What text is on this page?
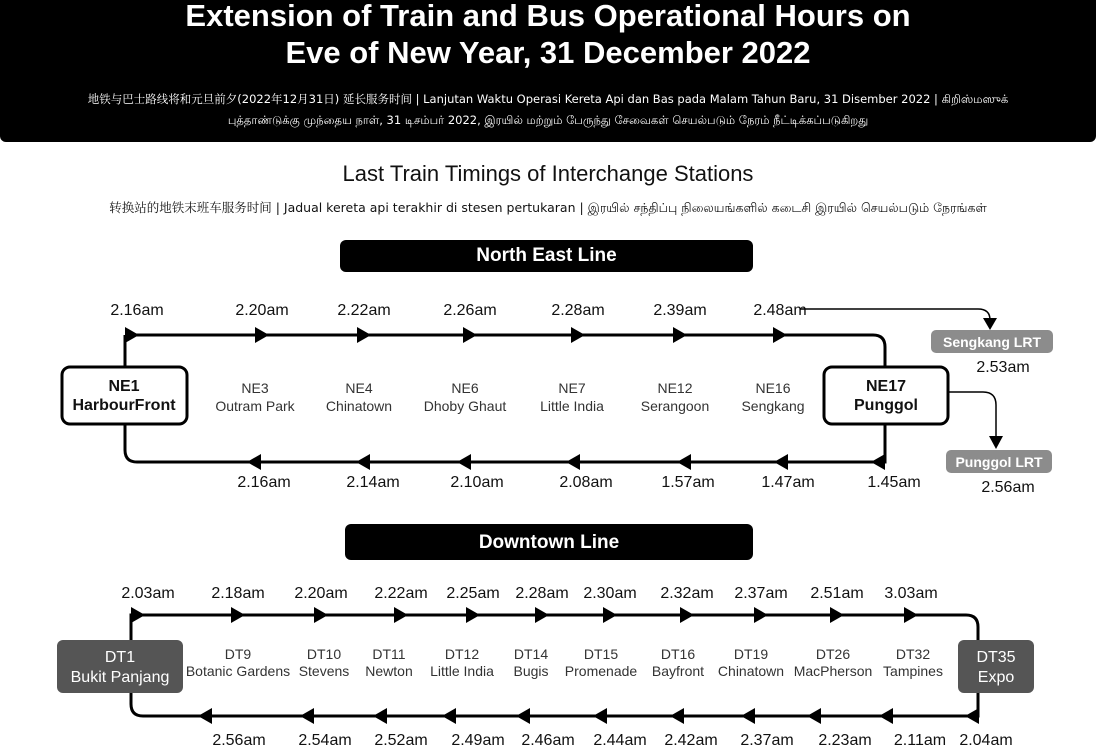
Extension of Train and Bus Operational Hours on
Eve of New Year, 31 December 2022
地铁与巴士路线将和元旦前夕(2022年12月31日) 延长服务时间 | Lanjutan Waktu Operasi Kereta Api dan Bas pada Malam Tahun Baru, 31 Disember 2022 | கிறிஸ்மஸுக்
புத்தாண்டுக்கு முந்தைய நாள், 31 டிசம்பர் 2022, இரயில் மற்றும் பேருந்து சேவைகள் செயல்படும் நேரம் நீட்டிக்கப்படுகிறது
Last Train Timings of Interchange Stations
转换站的地铁末班车服务时间 | Jadual kereta api terakhir di stesen pertukaran | இரயில் சந்திப்பு நிலையங்களில் கடைசி இரயில் செயல்படும் நேரங்கள்
North East Line
Downtown Line
2.16am	2.20am	2.22am	2.26am	2.28am	2.39am	2.48am
2.16am	2.14am	2.10am	2.08am	1.57am	1.47am	1.45am
NE1
HarbourFront
NE17
Punggol
NE3
Outram Park
NE4
Chinatown
NE6
Dhoby Ghaut
NE7
Little India
NE12
Serangoon
NE16
Sengkang
Sengkang LRT
2.53am
Punggol LRT
2.56am
2.03am 2.18am 2.20am 2.22am 2.25am 2.28am 2.30am 2.32am 2.37am 2.51am 3.03am
2.56am 2.54am 2.52am 2.49am 2.46am 2.44am 2.42am 2.37am 2.23am 2.11am 2.04am
DT1
Bukit Panjang
DT35
Expo
DT9
Botanic Gardens
DT10
Stevens
DT11
Newton
DT12
Little India
DT14
Bugis
DT15
Promenade
DT16
Bayfront
DT19
Chinatown
DT26
MacPherson
DT32
Tampines
